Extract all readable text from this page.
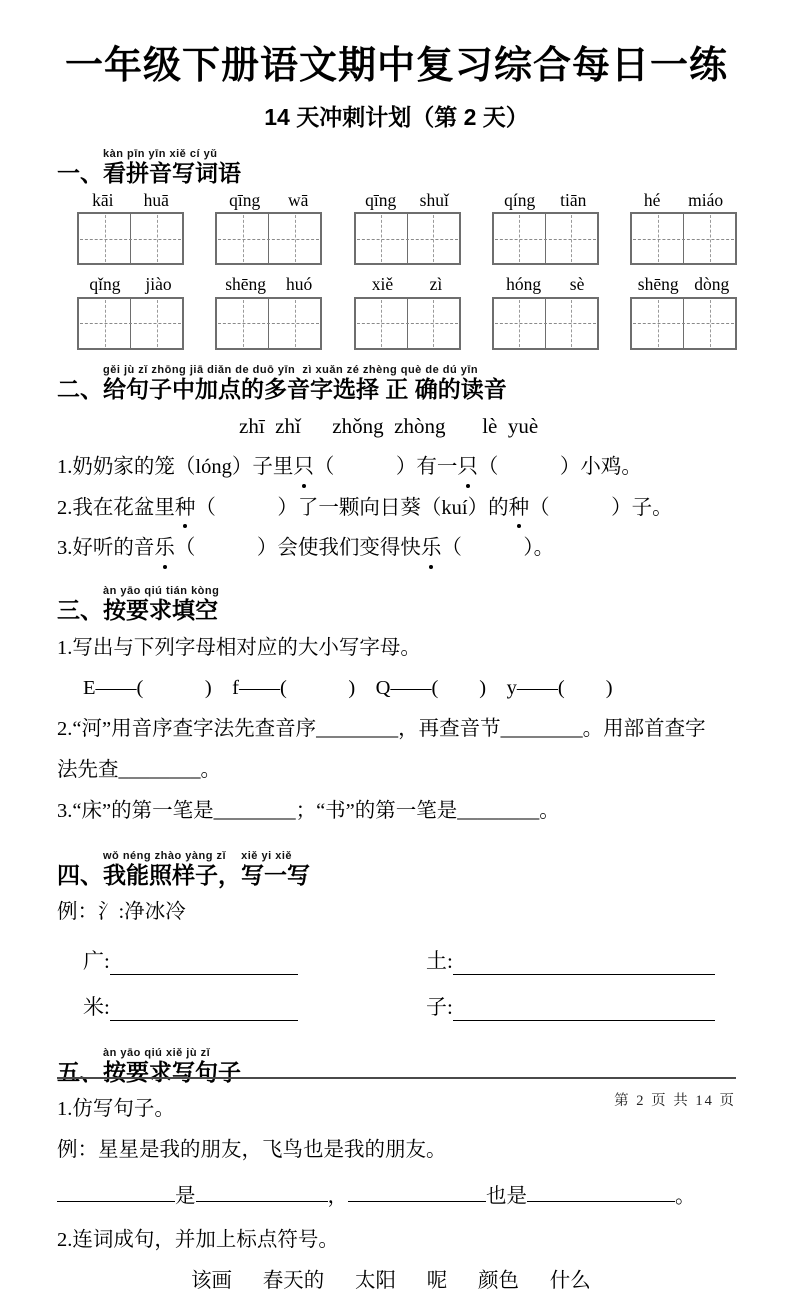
一年级下册语文期中复习综合每日一练
14 天冲刺计划（第 2 天）
一、
kàn pīn yīn xiě cí yǔ
看拼音写词语
kāi huā	qīng wā	qīng shuǐ	qíng tiān	hé miáo
qǐng jiào	shēng huó	xiě zì	hóng sè	shēng dòng
二、
gěi jù zǐ zhōng jiā diǎn de duō yīn  zì xuǎn zé zhèng què de dú yīn
给句子中加点的多音字选择 正 确的读音
zhī  zhǐ　  zhǒng  zhòng　   lè  yuè
1.奶奶家的笼（lóng）子里只（　　　）有一只（　　　）小鸡。
2.我在花盆里种（　　　）了一颗向日葵（kuí）的种（　　　）子。
3.好听的音乐（　　　）会使我们变得快乐（　　　）。
三、
àn yāo qiú tián kòng
按要求填空
1.写出与下列字母相对应的大小写字母。
E——(　　　)　f——(　　　)　Q——(　　)　y——(　　)
2.“河”用音序查字法先查音序________，再查音节________。用部首查字
法先查________。
3.“床”的第一笔是________；“书”的第一笔是________。
四、
wǒ néng zhào yàng zǐ　 xiě yi xiě
我能照样子，写一写
例：氵:净冰冷
广:	土:
米:	子:
五、
àn yāo qiú xiě jù zǐ
按要求写句子
1.仿写句子。
例：星星是我的朋友，飞鸟也是我的朋友。
是	，	也是	。
2.连词成句，并加上标点符号。
该画　  春天的　  太阳　  呢　  颜色　  什么
第 2 页 共 14 页
